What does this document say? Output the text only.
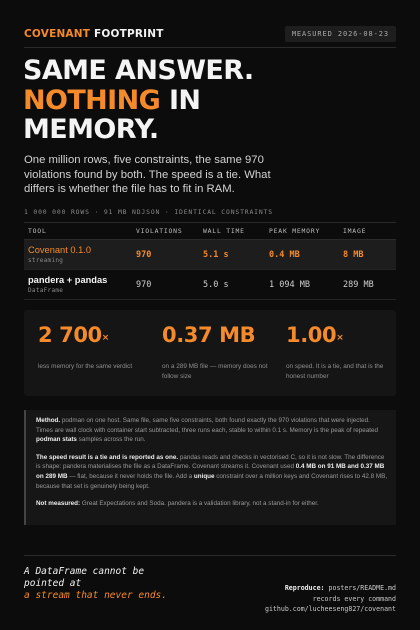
COVENANT FOOTPRINT	MEASURED 2026-08-23
SAME ANSWER.
NOTHING IN
MEMORY.

One million rows, five constraints, the same 970 violations found by both. The speed is a tie. What differs is whether the file has to fit in RAM.

1 000 000 ROWS · 91 MB NDJSON · IDENTICAL CONSTRAINTS
TOOL	VIOLATIONS	WALL TIME	PEAK MEMORY	IMAGE
Covenant 0.1.0
streaming
970	5.1 s	0.4 MB	8 MB
pandera + pandas
DataFrame
970	5.0 s	1 094 MB	289 MB
2 700×
less memory for the same verdict
0.37 MB
on a 289 MB file — memory does not follow size
1.00×
on speed. It is a tie, and that is the honest number

Method. podman on one host. Same file, same five constraints, both found exactly the 970 violations that were injected. Times are wall clock with container start subtracted, three runs each, stable to within 0.1 s. Memory is the peak of repeated podman stats samples across the run.

The speed result is a tie and is reported as one. pandas reads and checks in vectorised C, so it is not slow. The difference is shape: pandera materialises the file as a DataFrame. Covenant streams it. Covenant used 0.4 MB on 91 MB and 0.37 MB on 289 MB — flat, because it never holds the file. Add a unique constraint over a million keys and Covenant rises to 42.8 MB, because that set is genuinely being kept.

Not measured: Great Expectations and Soda. pandera is a validation library, not a stand-in for either.

A DataFrame cannot be
pointed at
a stream that never ends.
Reproduce: posters/README.md
records every command
github.com/lucheeseng827/covenant
